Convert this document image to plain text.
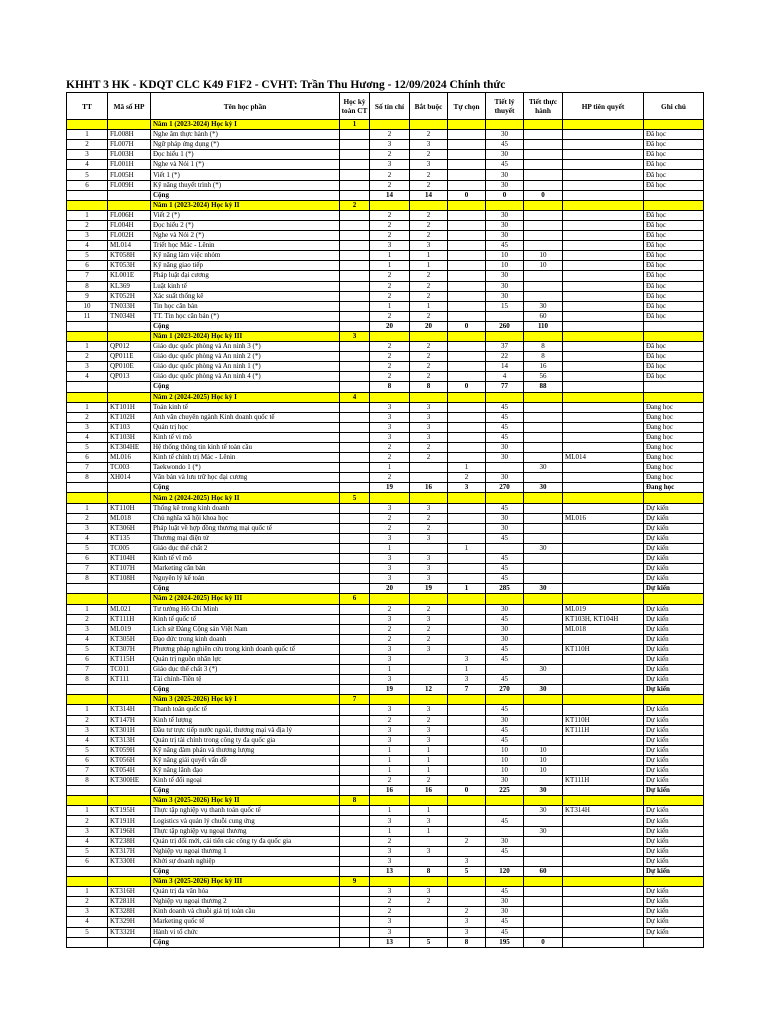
KHHT 3 HK - KDQT CLC K49 F1F2 - CVHT: Trần Thu Hương - 12/09/2024 Chính thức
TT	Mã số HP	Tên học phần	Học kỳ toàn CT	Số tín chỉ	Bắt buộc	Tự chọn	Tiết lý thuyết	Tiết thực hành	HP tiên quyết	Ghi chú
		Năm 1 (2023-2024) Học kỳ I	1							
1	FL008H	Nghe âm thực hành (*)		2	2		30			Đã học
2	FL007H	Ngữ pháp ứng dụng (*)		3	3		45			Đã học
3	FL003H	Đọc hiểu 1 (*)		2	2		30			Đã học
4	FL001H	Nghe và Nói 1 (*)		3	3		45			Đã học
5	FL005H	Viết 1 (*)		2	2		30			Đã học
6	FL009H	Kỹ năng thuyết trình (*)		2	2		30			Đã học
		Cộng		14	14	0	0	0		
		Năm 1 (2023-2024) Học kỳ II	2							
1	FL006H	Viết 2 (*)		2	2		30			Đã học
2	FL004H	Đọc hiểu 2 (*)		2	2		30			Đã học
3	FL002H	Nghe và Nói 2 (*)		2	2		30			Đã học
4	ML014	Triết học Mác - Lênin		3	3		45			Đã học
5	KT058H	Kỹ năng làm việc nhóm		1	1		10	10		Đã học
6	KT053H	Kỹ năng giao tiếp		1	1		10	10		Đã học
7	KL001E	Pháp luật đại cương		2	2		30			Đã học
8	KL369	Luật kinh tế		2	2		30			Đã học
9	KT052H	Xác suất thống kê		2	2		30			Đã học
10	TN033H	Tin học căn bản		1	1		15	30		Đã học
11	TN034H	TT. Tin học căn bản (*)		2	2			60		Đã học
		Cộng		20	20	0	260	110		
		Năm 1 (2023-2024) Học kỳ III	3							
1	QP012	Giáo dục quốc phòng và An ninh 3 (*)		2	2		37	8		Đã học
2	QP011E	Giáo dục quốc phòng và An ninh 2 (*)		2	2		22	8		Đã học
3	QP010E	Giáo dục quốc phòng và An ninh 1 (*)		2	2		14	16		Đã học
4	QP013	Giáo dục quốc phòng và An ninh 4 (*)		2	2		4	56		Đã học
		Cộng		8	8	0	77	88		
		Năm 2 (2024-2025) Học kỳ I	4							
1	KT101H	Toán kinh tế		3	3		45			Đang học
2	KT102H	Anh văn chuyên ngành Kinh doanh quốc tế		3	3		45			Đang học
3	KT103	Quản trị học		3	3		45			Đang học
4	KT103H	Kinh tế vi mô		3	3		45			Đang học
5	KT304HE	Hệ thống thông tin kinh tế toàn cầu		2	2		30			Đang học
6	ML016	Kinh tế chính trị Mác - Lênin		2	2		30		ML014	Đang học
7	TC003	Taekwondo 1 (*)		1		1		30		Đang học
8	XH014	Văn bản và lưu trữ học đại cương		2		2	30			Đang học
		Cộng		19	16	3	270	30		Đang học
		Năm 2 (2024-2025) Học kỳ II	5							
1	KT110H	Thống kê trong kinh doanh		3	3		45			Dự kiến
2	ML018	Chủ nghĩa xã hội khoa học		2	2		30		ML016	Dự kiến
3	KT306H	Pháp luật về hợp đồng thương mại quốc tế		2	2		30			Dự kiến
4	KT135	Thương mại điện tử		3	3		45			Dự kiến
5	TC005	Giáo dục thể chất 2		1		1		30		Dự kiến
6	KT104H	Kinh tế vĩ mô		3	3		45			Dự kiến
7	KT107H	Marketing căn bản		3	3		45			Dự kiến
8	KT108H	Nguyên lý kế toán		3	3		45			Dự kiến
		Cộng		20	19	1	285	30		Dự kiến
		Năm 2 (2024-2025) Học kỳ III	6							
1	ML021	Tư tưởng Hồ Chí Minh		2	2		30		ML019	Dự kiến
2	KT111H	Kinh tế quốc tế		3	3		45		KT103H, KT104H	Dự kiến
3	ML019	Lịch sử Đảng Cộng sản Việt Nam		2	2		30		ML018	Dự kiến
4	KT305H	Đạo đức trong kinh doanh		2	2		30			Dự kiến
5	KT307H	Phương pháp nghiên cứu trong kinh doanh quốc tế		3	3		45		KT110H	Dự kiến
6	KT115H	Quản trị nguồn nhân lực		3		3	45			Dự kiến
7	TC011	Giáo dục thể chất 3 (*)		1		1		30		Dự kiến
8	KT111	Tài chính-Tiền tệ		3		3	45			Dự kiến
		Cộng		19	12	7	270	30		Dự kiến
		Năm 3 (2025-2026) Học kỳ I	7							
1	KT314H	Thanh toán quốc tế		3	3		45			Dự kiến
2	KT147H	Kinh tế lượng		2	2		30		KT110H	Dự kiến
3	KT301H	Đầu tư trực tiếp nước ngoài, thương mại và địa lý		3	3		45		KT111H	Dự kiến
4	KT313H	Quản trị tài chính trong công ty đa quốc gia		3	3		45			Dự kiến
5	KT059H	Kỹ năng đàm phán và thương lượng		1	1		10	10		Dự kiến
6	KT056H	Kỹ năng giải quyết vấn đề		1	1		10	10		Dự kiến
7	KT054H	Kỹ năng lãnh đạo		1	1		10	10		Dự kiến
8	KT300HE	Kinh tế đối ngoại		2	2		30		KT111H	Dự kiến
		Cộng		16	16	0	225	30		Dự kiến
		Năm 3 (2025-2026) Học kỳ II	8							
1	KT195H	Thực tập nghiệp vụ thanh toán quốc tế		1	1			30	KT314H	Dự kiến
2	KT191H	Logistics và quản lý chuỗi cung ứng		3	3		45			Dự kiến
3	KT196H	Thực tập nghiệp vụ ngoại thương		1	1			30		Dự kiến
4	KT238H	Quản trị đổi mới, cải tiến các công ty đa quốc gia		2		2	30			Dự kiến
5	KT317H	Nghiệp vụ ngoại thương 1		3	3		45			Dự kiến
6	KT330H	Khởi sự doanh nghiệp		3		3				Dự kiến
		Cộng		13	8	5	120	60		Dự kiến
		Năm 3 (2025-2026) Học kỳ III	9							
1	KT316H	Quản trị đa văn hóa		3	3		45			Dự kiến
2	KT281H	Nghiệp vụ ngoại thương 2		2	2		30			Dự kiến
3	KT328H	Kinh doanh và chuỗi giá trị toàn cầu		2		2	30			Dự kiến
4	KT329H	Marketing quốc tế		3		3	45			Dự kiến
5	KT332H	Hành vi tổ chức		3		3	45			Dự kiến
		Cộng		13	5	8	195	0		
